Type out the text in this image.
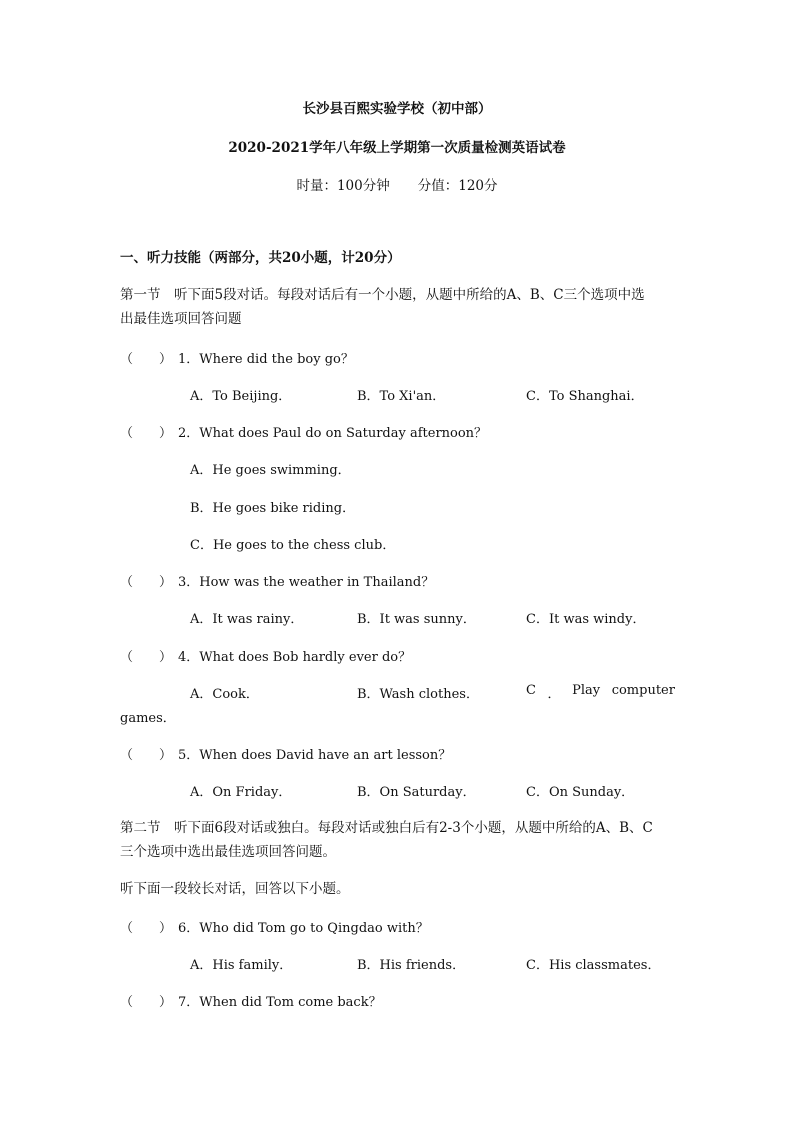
长沙县百熙实验学校（初中部）
2020-2021学年八年级上学期第一次质量检测英语试卷
时量：100分钟 分值：120分
一、听力技能（两部分，共20小题，计20分）
第一节　听下面5段对话。每段对话后有一个小题，从题中所给的A、B、C三个选项中选
出最佳选项回答问题
（　　） 1．Where did the boy go？
A．To Beijing．	B．To Xi'an．	C．To Shanghai．
（　　） 2．What does Paul do on Saturday afternoon？
A．He goes swimming．
B．He goes bike riding．
C．He goes to the chess club．
（　　） 3．How was the weather in Thailand？
A．It was rainy．	B．It was sunny．	C．It was windy．
（　　） 4．What does Bob hardly ever do？
A．Cook．	B．Wash clothes．	C ． Play computer
games．
（　　） 5．When does David have an art lesson？
A．On Friday．	B．On Saturday．	C．On Sunday．
第二节　听下面6段对话或独白。每段对话或独白后有2-3个小题，从题中所给的A、B、C
三个选项中选出最佳选项回答问题。
听下面一段较长对话，回答以下小题。
（　　） 6．Who did Tom go to Qingdao with？
A．His family．	B．His friends．	C．His classmates．
（　　） 7．When did Tom come back？
